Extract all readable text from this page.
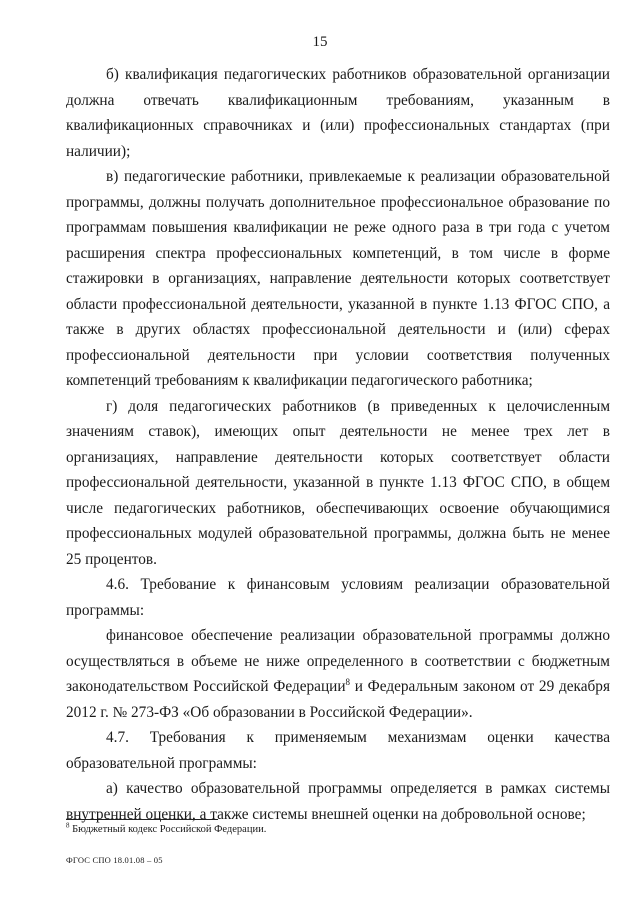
15

б) квалификация педагогических работников образовательной организации должна отвечать квалификационным требованиям, указанным в квалификационных справочниках и (или) профессиональных стандартах (при наличии);

в) педагогические работники, привлекаемые к реализации образовательной программы, должны получать дополнительное профессиональное образование по программам повышения квалификации не реже одного раза в три года с учетом расширения спектра профессиональных компетенций, в том числе в форме стажировки в организациях, направление деятельности которых соответствует области профессиональной деятельности, указанной в пункте 1.13 ФГОС СПО, а также в других областях профессиональной деятельности и (или) сферах профессиональной деятельности при условии соответствия полученных компетенций требованиям к квалификации педагогического работника;

г) доля педагогических работников (в приведенных к целочисленным значениям ставок), имеющих опыт деятельности не менее трех лет в организациях, направление деятельности которых соответствует области профессиональной деятельности, указанной в пункте 1.13 ФГОС СПО, в общем числе педагогических работников, обеспечивающих освоение обучающимися профессиональных модулей образовательной программы, должна быть не менее 25 процентов.

4.6. Требование к финансовым условиям реализации образовательной программы:

финансовое обеспечение реализации образовательной программы должно осуществляться в объеме не ниже определенного в соответствии с бюджетным законодательством Российской Федерации$^8$ и Федеральным законом от 29 декабря 2012 г. № 273-ФЗ «Об образовании в Российской Федерации».

4.7. Требования к применяемым механизмам оценки качества образовательной программы:

а) качество образовательной программы определяется в рамках системы внутренней оценки, а также системы внешней оценки на добровольной основе;

$^8$ Бюджетный кодекс Российской Федерации.
ФГОС СПО 18.01.08 – 05
